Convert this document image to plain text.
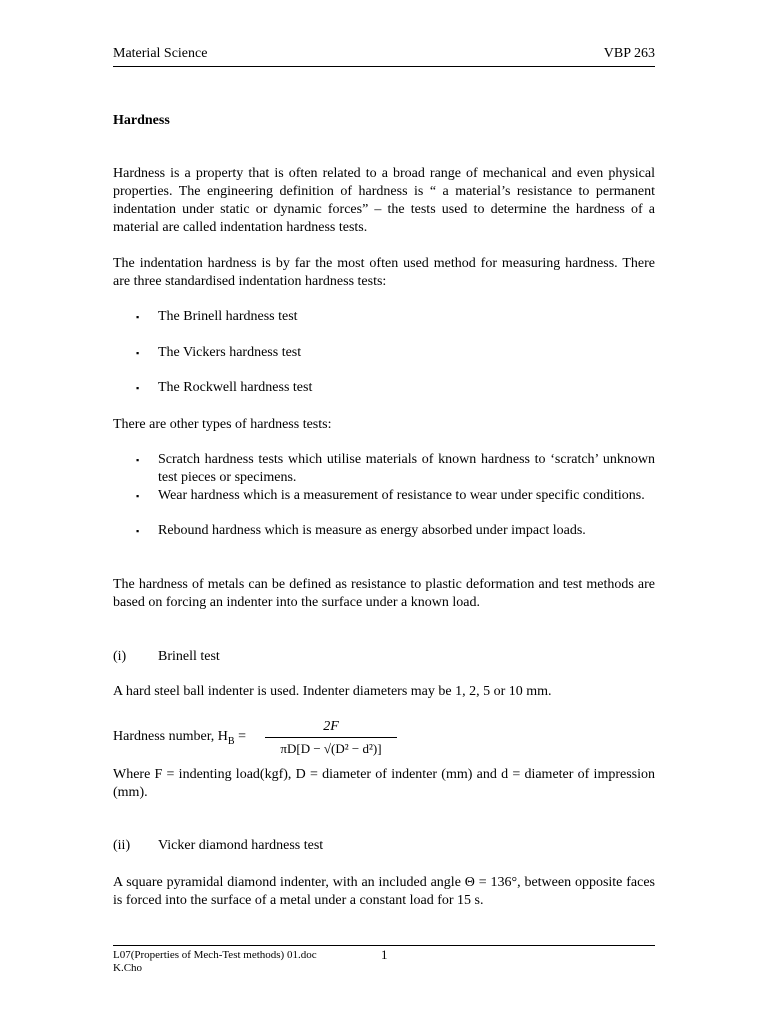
Material Science	VBP 263
Hardness
Hardness is a property that is often related to a broad range of mechanical and even physical properties. The engineering definition of hardness is “ a material’s resistance to permanent indentation under static or dynamic forces” – the tests used to determine the hardness of a material are called indentation hardness tests.
The indentation hardness is by far the most often used method for measuring hardness. There are three standardised indentation hardness tests:
▪ The Brinell hardness test
▪ The Vickers hardness test
▪ The Rockwell hardness test
There are other types of hardness tests:
▪ Scratch hardness tests which utilise materials of known hardness to ‘scratch’ unknown test pieces or specimens.
▪ Wear hardness which is a measurement of resistance to wear under specific conditions.
▪ Rebound hardness which is measure as energy absorbed under impact loads.
The hardness of metals can be defined as resistance to plastic deformation and test methods are based on forcing an indenter into the surface under a known load.
(i) Brinell test
A hard steel ball indenter is used. Indenter diameters may be 1, 2, 5 or 10 mm.
Hardness number, $H_B$ =
2F
πD[D − √(D² − d²)]
Where F = indenting load(kgf), D = diameter of indenter (mm) and d = diameter of impression (mm).
(ii) Vicker diamond hardness test
A square pyramidal diamond indenter, with an included angle Θ = 136°, between opposite faces is forced into the surface of a metal under a constant load for 15 s.
L07(Properties of Mech-Test methods) 01.doc
K.Cho
1
